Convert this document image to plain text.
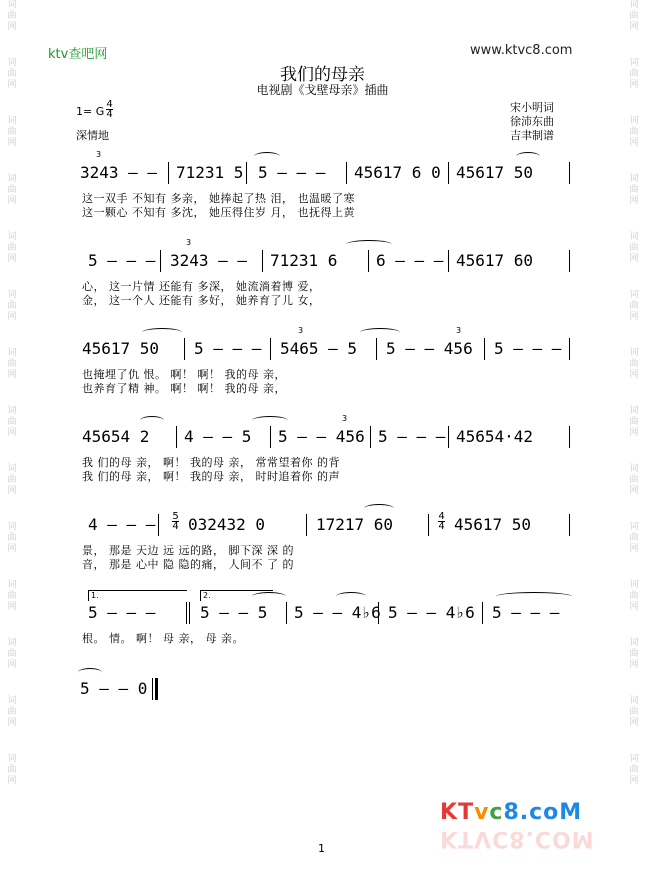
词
曲
网
词
曲
网
词
曲
网
词
曲
网
词
曲
网
词
曲
网
词
曲
网
词
曲
网
词
曲
网
词
曲
网
词
曲
网
词
曲
网
词
曲
网
词
曲
网
词
曲
网
词
曲
网
词
曲
网
词
曲
网
词
曲
网
词
曲
网
词
曲
网
词
曲
网
词
曲
网
词
曲
网
词
曲
网
词
曲
网
词
曲
网
词
曲
网
ktv查吧网	www.ktvc8.com
我们的母亲
电视剧《戈壁母亲》插曲
1= G
4
4
深情地
宋小明词
徐沛东曲
吉聿制谱
3
3243 – – 71231 5 5 – – – 45617 6 0 45617 50
这一双手 不知有 多亲， 她捧起了热 泪， 也温暖了寒
这一颗心 不知有 多沈， 她压得住岁 月， 也抚得上黄
3
5 – – – 3243 – – 71231 6 6 – – – 45617 60
心， 这一片情 还能有 多深， 她流淌着博 爱，
金， 这一个人 还能有 多好， 她养育了儿 女，
3	3
45617 50 5 – – – 5465 – 5 5 – – 456 5 – – –
也掩埋了仇 恨。 啊！ 啊！ 我的母 亲，
也养育了精 神。 啊！ 啊！ 我的母 亲，
3
45654 2 4 – – 5 5 – – 456 5 – – – 45654·42
我 们的母 亲， 啊！ 我的母 亲， 常常望着你 的背
我 们的母 亲， 啊！ 我的母 亲， 时时追着你 的声
5
4
4
4
4 – – – 032432 0	17217 60	45617 50
景， 那是 天边 远 远的路， 脚下深 深 的
音， 那是 心中 隐 隐的痛， 人间不 了 的
1.	2.
5 – – –	5 – – 5 5 – – 4♭6 5 – – 4♭6 5 – – –
根。 情。 啊！ 母 亲， 母 亲。
5 – – 0
KTvc8.coM
KTVC8.COM
1
